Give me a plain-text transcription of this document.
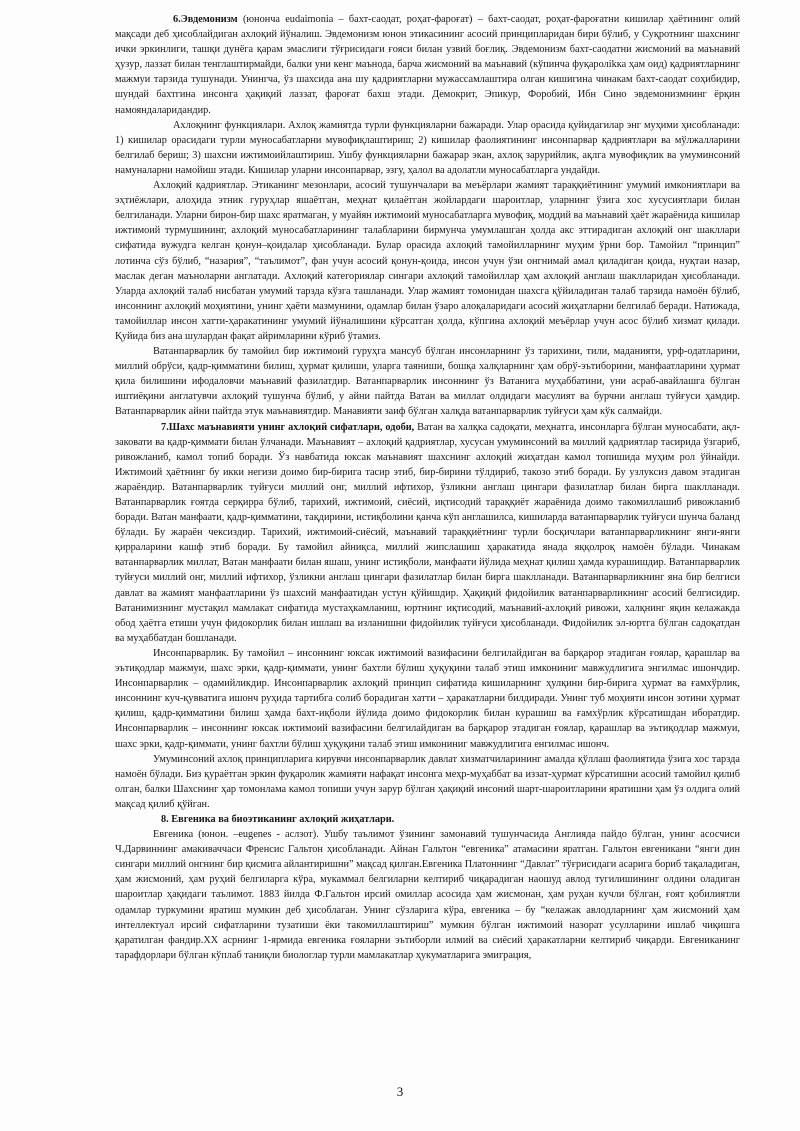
6.Эвдемонизм (юнонча eudaimonia – бахт-саодат, роҳат-фароғат) – бахт-саодат, роҳат-фароғатни кишилар ҳаётининг олий мақсади деб ҳисоблайдиган ахлоқий йўналиш. Эвдемонизм юнон этикасининг асосий принципларидан бири бўлиб, у Суқротнинг шахснинг ички эркинлиги, ташқи дунёга қарам эмаслиги тўғрисидаги ғояси билан узвий боғлиқ. Эвдемонизм бахт-саодатни жисмоний ва маънавий ҳузур, лаззат билан тенглаштирмайди, балки уни кенг маънода, барча жисмоний ва маънавий (кўпинча фуқаролikка ҳам оид) қадриятларнинг мажмуи тарзида тушунади. Унингча, ўз шахсида ана шу қадриятларни мужассамлаштира олган кишигина чинакам бахт-саодат соҳибидир, шундай бахтгина инсонга ҳақиқий лаззат, фароғат бахш этади. Демокрит, Эпикур, Форобий, Ибн Сино эвдемонизмнинг ёрқин намояндаларидандир.

Ахлоқнинг функциялари. Ахлоқ жамиятда турли функцияларни бажаради. Улар орасида қуйидагилар энг муҳими ҳисобланади: 1) кишилар орасидаги турли муносабатларни мувофиқлаштириш; 2) кишилар фаолиятининг инсонпарвар қадриятлари ва мўлжалларини белгилаб бериш; 3) шахсни ижтимоийлаштириш. Ушбу функцияларни бажарар экан, ахлоқ зарурийлик, ақлга мувофиқлик ва умуминсоний намуналарни намойиш этади. Кишилар уларни инсонпарвар, эзгу, ҳалол ва адолатли муносабатларга ундайди.

Ахлоқий қадриятлар. Этиканинг мезонлари, асосий тушунчалари ва меъёрлари жамият тараққиётининг умумий имкониятлари ва эҳтиёжлари, алоҳида этник гуруҳлар яшаётган, меҳнат қилаётган жойлардаги шароитлар, уларнинг ўзига хос хусусиятлари билан белгиланади. Уларни бирон-бир шахс яратмаган, у муайян ижтимоий муносабатларга мувофиқ, моддий ва маънавий ҳаёт жараёнида кишилар ижтимоий турмушининг, ахлоқий муносабатларининг талабларини бирмунча умумлашган ҳолда акс эттирадиган ахлоқий онг шакллари сифатида вужудга келган қонун–қоидалар ҳисобланади. Булар орасида ахлоқий тамойилларнинг муҳим ўрни бор. Тамойил “принцип” лотинча сўз бўлиб, “назария”, “таълимот”, фан учун асосий қонун-қоида, инсон учун ўзи онгнимай амал қиладиган қоида, нуқтаи назар, маслак деган маъноларни англатади. Ахлоқий категориялар сингари ахлоқий тамойиллар ҳам ахлоқий англаш шаклларидан ҳисобланади. Уларда ахлоқий талаб нисбатан умумий тарзда кўзга ташланади. Улар жамият томонидан шахсга қўйиладиган талаб тарзида намоён бўлиб, инсоннинг ахлоқий моҳиятини, унинг ҳаёти мазмунини, одамлар билан ўзаро алоқаларидаги асосий жиҳатларни белгилаб беради. Натижада, тамойиллар инсон хатти-ҳаракатининг умумий йўналишини кўрсатган ҳолда, кўпгина ахлоқий меъёрлар учун асос бўлиб хизмат қилади. Қуйида биз ана шулардан фақат айримларини кўриб ўтамиз.

Ватанпарварлик бу тамойил бир ижтимоий гуруҳга мансуб бўлган инсонларнинг ўз тарихини, тили, маданияти, урф-одатларини, миллий обрўси, қадр-қимматини билиш, ҳурмат қилиши, уларга таяниши, бошқа халқларнинг ҳам обрў-эътиборини, манфаатларини ҳурмат қила билишини ифодаловчи маънавий фазилатдир. Ватанпарварлик инсоннинг ўз Ватанига муҳаббатини, уни асраб-авайлашга бўлган иштиёқини англатувчи ахлоқий тушунча бўлиб, у айни пайтда Ватан ва миллат олдидаги масулият ва бурчни англаш туйғуси ҳамдир. Ватанпарварлик айни пайтда этук маънавиятдир. Манавияти заиф бўлган халқда ватанпарварлик туйғуси ҳам кўк салмайди.

7.Шахс маънавияти унинг ахлоқий сифатлари, одоби, Ватан ва халқка садоқати, меҳнатга, инсонларга бўлган муносабати, ақл-заковати ва қадр-қиммати билан ўлчанади. Маънавият – ахлоқий қадриятлар, хусусан умуминсоний ва миллий қадриятлар тасирида ўзгариб, ривожланиб, камол топиб боради. Ўз навбатида юксак маънавият шахснинг ахлоқий жиҳатдан камол топишида муҳим рол ўйнайди. Ижтимоий ҳаётнинг бу икки негизи доимо бир-бирига тасир этиб, бир-бирини тўлдириб, такозо этиб боради. Бу узлуксиз давом этадиган жараёндир. Ватанпарварлик туйғуси миллий онг, миллий ифтихор, ўзликни англаш цингари фазилатлар билан бирга шаклланади. Ватанпарварлик ғоятда серқирра бўлиб, тарихий, ижтимоий, сиёсий, иқтисодий тараққиёт жараёнида доимо такомиллашиб ривожланиб боради. Ватан манфаати, қадр-қимматини, тақдирини, истиқболини қанча кўп англашилса, кишиларда ватанпарварлик туйғуси шунча баланд бўлади. Бу жараён чексиздир. Тарихий, ижтимоий-сиёсий, маънавий тараққиётнинг турли босқичлари ватанпарварликнинг янги-янги қирраларини кашф этиб боради. Бу тамойил айниқса, миллий жипслашиш ҳаракатида янада яққолроқ намоён бўлади. Чинакам ватанпарварлик миллат, Ватан манфаати билан яшаш, унинг истиқболи, манфаати йўлида меҳнат қилиш ҳамда курашишдир. Ватанпарварлик туйғуси миллий онг, миллий ифтихор, ўзликни англаш цингари фазилатлар билан бирга шаклланади. Ватанпарварликнинг яна бир белгиси давлат ва жамият манфаатларини ўз шахсий манфаатидан устун қўйишдир. Ҳақиқий фидойилик ватанпарварликнинг асосий белгисидир. Ватанимизнинг мустақил мамлакат сифатида мустаҳкамланиш, юртнинг иқтисодий, маънавий-ахлоқий ривожи, халқнинг яқин келажакда обод ҳаётга етиши учун фидокорлик билан ишлаш ва изланишни фидойилик туйғуси ҳисобланади. Фидойилик эл-юртга бўлган садоқатдан ва муҳаббатдан бошланади.

Инсонпарварлик. Бу тамойил – инсоннинг юксак ижтимоий вазифасини белгилайдиган ва барқарор этадиган ғоялар, қарашлар ва эътиқодлар мажмуи, шахс эрки, қадр-қиммати, унинг бахтли бўлиш ҳуқуқини талаб этиш имкониниг мавжудлигига энгилмас ишончдир. Инсонпарварлик – одамийликдир. Инсонпарварлик ахлоқий принцип сифатида кишиларнинг ҳулқини бир-бирига ҳурмат ва ғамхўрлик, инсоннинг куч-қувватига ишонч руҳида тартибга солиб борадиган хатти – ҳаракатларни билдиради. Унинг туб моҳияти инсон зотини ҳурмат қилиш, қадр-қимматини билиш ҳамда бахт-иқболи йўлида доимо фидокорлик билан курашиш ва ғамхўрлик кўрсатишдан иборатдир. Инсонпарварлик – инсоннинг юксак ижтимоий вазифасини белгилайдиган ва барқарор этадиган ғоялар, қарашлар ва эътиқодлар мажмуи, шахс эрки, қадр-қиммати, унинг бахтли бўлиш ҳуқуқини талаб этиш имкониниг мавжудлигига енгилмас ишонч.

Умуминсоний ахлоқ принципларига кирувчи инсонпарварлик давлат хизматчиларининг амалда қўллаш фаолиятида ўзига хос тарзда намоён бўлади. Биз қураётган эркин фуқаролик жамияти нафақат инсонга меҳр-муҳаббат ва иззат-ҳурмат кўрсатишни асосий тамойил қилиб олган, балки Шахснинг ҳар томонлама камол топиши учун зарур бўлган ҳақиқий инсоний шарт-шароитларини яратишни ҳам ўз олдига олий мақсад қилиб қўйган.

8. Евгеника ва биоэтиканинг ахлоқий жиҳатлари.

Евгеника (юнон. –eugenes - аслзот). Ушбу таълимот ўзининг замонавий тушунчасида Англияда пайдо бўлган, унинг асосчиси Ч.Дарвиннинг амакиваччаси Френсис Гальтон ҳисобланади. Айнан Гальтон “евгеника” атамасини яратган. Гальтон евгеникани “янги дин сингари миллий онгнинг бир қисмига айлантиришни” мақсад қилган.Евгеника Платоннинг “Давлат” тўғрисидаги асарига бориб тақаладиган, ҳам жисмоний, ҳам руҳий белгиларга кўра, мукаммал белгиларни келтириб чиқарадиган наошуд авлод тугилишининг олдини оладиган шароитлар ҳақидаги таълимот. 1883 йилда Ф.Гальтон ирсий омиллар асосида ҳам жисмонан, ҳам руҳан кучли бўлган, ғоят қобилиятли одамлар туркумини яратиш мумкин деб ҳисоблаган. Унинг сўзларига кўра, евгеника – бу “келажак авлодларнинг ҳам жисмоний ҳам интеллектуал ирсий сифатларини тузатиши ёки такомиллаштириш” мумкин бўлган ижтимоий назорат усулларини ишлаб чиқишга қаратилган фандир.ХХ асрнинг 1-ярмида евгеника ғояларни эътиборли илмий ва сиёсий ҳаракатларни келтириб чиқарди. Евгениканинг тарафдорлари бўлган кўплаб таниқли биологлар турли мамлакатлар ҳукуматларига эмиграция,

3
